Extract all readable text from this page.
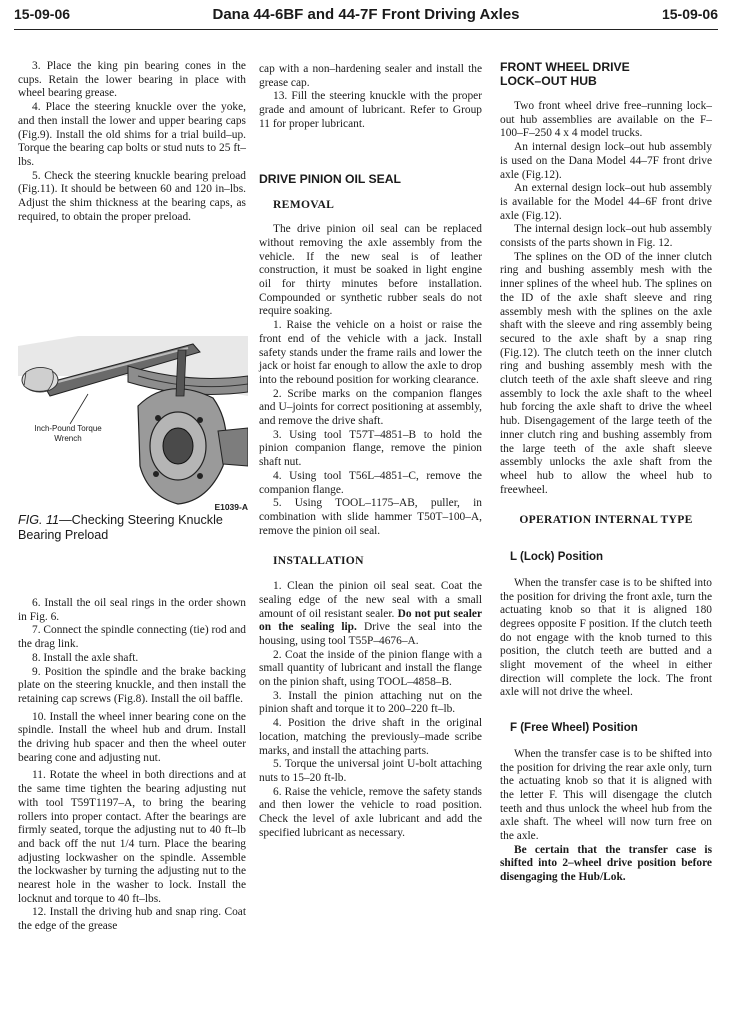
15-09-06	Dana 44-6BF and 44-7F Front Driving Axles	15-09-06

3. Place the king pin bearing cones in the cups. Retain the lower bearing in place with wheel bearing grease.

4. Place the steering knuckle over the yoke, and then install the lower and upper bearing caps (Fig.9). Install the old shims for a trial build–up. Torque the bearing cap bolts or stud nuts to 25 ft–lbs.

5. Check the steering knuckle bearing preload (Fig.11). It should be between 60 and 120 in–lbs. Adjust the shim thickness at the bearing caps, as required, to obtain the proper preload.

Inch-Pound Torque Wrench
E1039-A
FIG. 11—Checking Steering Knuckle Bearing Preload

6. Install the oil seal rings in the order shown in Fig. 6.

7. Connect the spindle connecting (tie) rod and the drag link.

8. Install the axle shaft.

9. Position the spindle and the brake backing plate on the steering knuckle, and then install the retaining cap screws (Fig.8). Install the oil baffle.

10. Install the wheel inner bearing cone on the spindle. Install the wheel hub and drum. Install the driving hub spacer and then the wheel outer bearing cone and adjusting nut.

11. Rotate the wheel in both directions and at the same time tighten the bearing adjusting nut with tool T59T1197–A, to bring the bearing rollers into proper contact. After the bearings are firmly seated, torque the adjusting nut to 40 ft–lb and back off the nut 1/4 turn. Place the bearing adjusting lockwasher on the spindle. Assemble the lockwasher by turning the adjusting nut to the nearest hole in the washer to lock. Install the locknut and torque to 40 ft–lbs.

12. Install the driving hub and snap ring. Coat the edge of the grease

cap with a non–hardening sealer and install the grease cap.

13. Fill the steering knuckle with the proper grade and amount of lubricant. Refer to Group 11 for proper lubricant.

DRIVE PINION OIL SEAL
REMOVAL

The drive pinion oil seal can be replaced without removing the axle assembly from the vehicle. If the new seal is of leather construction, it must be soaked in light engine oil for thirty minutes before installation. Compounded or synthetic rubber seals do not require soaking.

1. Raise the vehicle on a hoist or raise the front end of the vehicle with a jack. Install safety stands under the frame rails and lower the jack or hoist far enough to allow the axle to drop into the rebound position for working clearance.

2. Scribe marks on the companion flanges and U–joints for correct positioning at assembly, and remove the drive shaft.

3. Using tool T57T–4851–B to hold the pinion companion flange, remove the pinion shaft nut.

4. Using tool T56L–4851–C, remove the companion flange.

5. Using TOOL–1175–AB, puller, in combination with slide hammer T50T–100–A, remove the pinion oil seal.

INSTALLATION

1. Clean the pinion oil seal seat. Coat the sealing edge of the new seal with a small amount of oil resistant sealer. Do not put sealer on the sealing lip. Drive the seal into the housing, using tool T55P–4676–A.

2. Coat the inside of the pinion flange with a small quantity of lubricant and install the flange on the pinion shaft, using TOOL–4858–B.

3. Install the pinion attaching nut on the pinion shaft and torque it to 200–220 ft–lb.

4. Position the drive shaft in the original location, matching the previously–made scribe marks, and install the attaching parts.

5. Torque the universal joint U-bolt attaching nuts to 15–20 ft-lb.

6. Raise the vehicle, remove the safety stands and then lower the vehicle to road position. Check the level of axle lubricant and add the specified lubricant as necessary.

FRONT WHEEL DRIVE
LOCK–OUT HUB

Two front wheel drive free–running lock–out hub assemblies are available on the F–100–F–250 4 x 4 model trucks.

An internal design lock–out hub assembly is used on the Dana Model 44–7F front drive axle (Fig.12).

An external design lock–out hub assembly is available for the Model 44–6F front drive axle (Fig.12).

The internal design lock–out hub assembly consists of the parts shown in Fig. 12.

The splines on the OD of the inner clutch ring and bushing assembly mesh with the inner splines of the wheel hub. The splines on the ID of the axle shaft sleeve and ring assembly mesh with the splines on the axle shaft with the sleeve and ring assembly being secured to the axle shaft by a snap ring (Fig.12). The clutch teeth on the inner clutch ring and bushing assembly mesh with the clutch teeth of the axle shaft sleeve and ring assembly to lock the axle shaft to the wheel hub forcing the axle shaft to drive the wheel hub. Disengagement of the large teeth of the inner clutch ring and bushing assembly from the large teeth of the axle shaft sleeve assembly unlocks the axle shaft from the wheel hub to allow the wheel hub to freewheel.

OPERATION INTERNAL TYPE
L (Lock) Position

When the transfer case is to be shifted into the position for driving the front axle, turn the actuating knob so that it is aligned 180 degrees opposite F position. If the clutch teeth do not engage with the knob turned to this position, the clutch teeth are butted and a slight movement of the wheel in either direction will complete the lock. The front axle will not drive the wheel.

F (Free Wheel) Position

When the transfer case is to be shifted into the position for driving the rear axle only, turn the actuating knob so that it is aligned with the letter F. This will disengage the clutch teeth and thus unlock the wheel hub from the axle shaft. The wheel will now turn free on the axle.

Be certain that the transfer case is shifted into 2–wheel drive position before disengaging the Hub/Lok.
